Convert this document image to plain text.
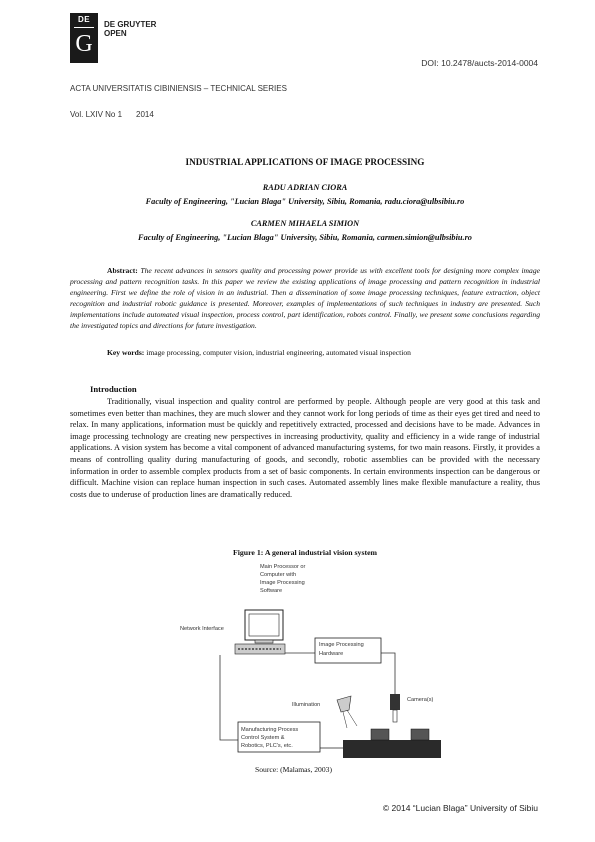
DE
G
DE GRUYTER
OPEN
DOI: 10.2478/aucts-2014-0004
ACTA UNIVERSITATIS CIBINIENSIS – TECHNICAL SERIES
Vol. LXIV No 1 2014
INDUSTRIAL APPLICATIONS OF IMAGE PROCESSING
RADU ADRIAN CIORA
Faculty of Engineering, "Lucian Blaga" University, Sibiu, Romania, radu.ciora@ulbsibiu.ro
CARMEN MIHAELA SIMION
Faculty of Engineering, "Lucian Blaga" University, Sibiu, Romania, carmen.simion@ulbsibiu.ro
Abstract: The recent advances in sensors quality and processing power provide us with excellent tools for designing more complex image processing and pattern recognition tasks. In this paper we review the existing applications of image processing and pattern recognition in industrial engineering. First we define the role of vision in an industrial. Then a dissemination of some image processing techniques, feature extraction, object recognition and industrial robotic guidance is presented. Moreover, examples of implementations of such techniques in industry are presented. Such implementations include automated visual inspection, process control, part identification, robots control. Finally, we present some conclusions regarding the investigated topics and directions for future investigation.
Key words: image processing, computer vision, industrial engineering, automated visual inspection
Introduction
Traditionally, visual inspection and quality control are performed by people. Although people are very good at this task and sometimes even better than machines, they are much slower and they cannot work for long periods of time as their eyes get tired and need to relax. In many applications, information must be quickly and repetitively extracted, processed and decisions have to be made. Advances in image processing technology are creating new perspectives in increasing productivity, quality and efficiency in a wide range of industrial applications. A vision system has become a vital component of advanced manufacturing systems, for two main reasons. Firstly, it provides a means of controlling quality during manufacturing of goods, and secondly, robotic assemblies can be provided with the necessary information in order to assemble complex products from a set of basic components. In certain environments inspection can be dangerous or difficult. Machine vision can replace human inspection in such cases. Automated assembly lines make flexible manufacture a reality, thus costs due to underuse of production lines are dramatically reduced.
Figure 1: A general industrial vision system
Main Processor or
Computer with
Image Processing
Software
Network Interface
Image Processing
Hardware
Camera(s)
Illumination
Manufacturing Process
Control System &
Robotics, PLC's, etc.
Source: (Malamas, 2003)
© 2014 “Lucian Blaga” University of Sibiu
